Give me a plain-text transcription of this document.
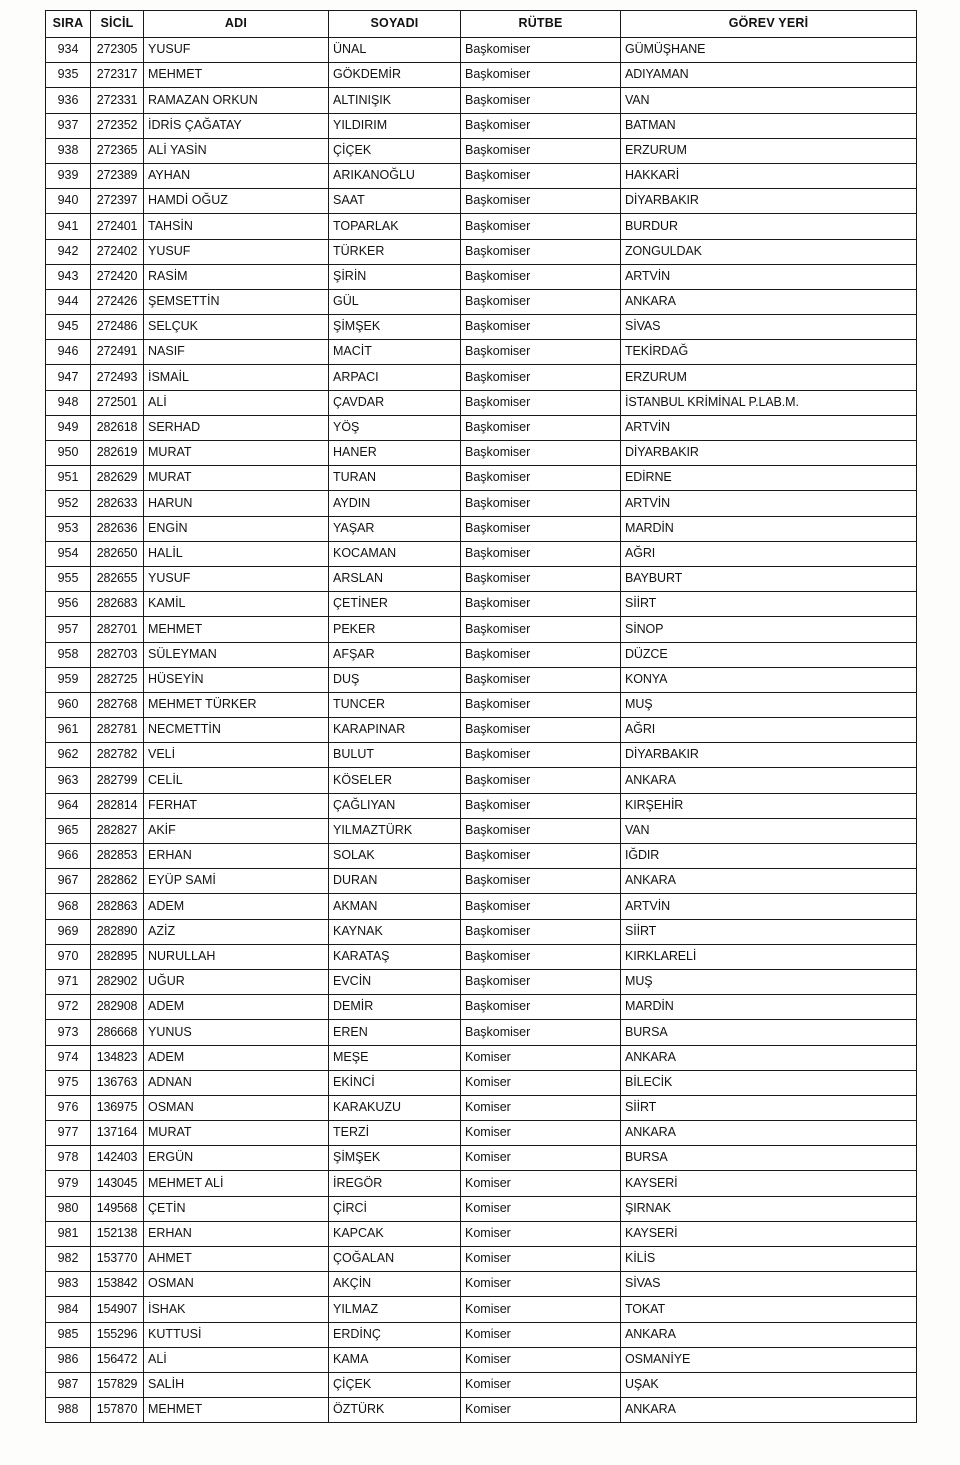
SIRA	SİCİL	ADI	SOYADI	RÜTBE	GÖREV YERİ
934	272305	YUSUF	ÜNAL	Başkomiser	GÜMÜŞHANE
935	272317	MEHMET	GÖKDEMİR	Başkomiser	ADIYAMAN
936	272331	RAMAZAN ORKUN	ALTINIŞIK	Başkomiser	VAN
937	272352	İDRİS ÇAĞATAY	YILDIRIM	Başkomiser	BATMAN
938	272365	ALİ YASİN	ÇİÇEK	Başkomiser	ERZURUM
939	272389	AYHAN	ARIKANOĞLU	Başkomiser	HAKKARİ
940	272397	HAMDİ OĞUZ	SAAT	Başkomiser	DİYARBAKIR
941	272401	TAHSİN	TOPARLAK	Başkomiser	BURDUR
942	272402	YUSUF	TÜRKER	Başkomiser	ZONGULDAK
943	272420	RASİM	ŞİRİN	Başkomiser	ARTVİN
944	272426	ŞEMSETTİN	GÜL	Başkomiser	ANKARA
945	272486	SELÇUK	ŞİMŞEK	Başkomiser	SİVAS
946	272491	NASIF	MACİT	Başkomiser	TEKİRDAĞ
947	272493	İSMAİL	ARPACI	Başkomiser	ERZURUM
948	272501	ALİ	ÇAVDAR	Başkomiser	İSTANBUL KRİMİNAL P.LAB.M.
949	282618	SERHAD	YÖŞ	Başkomiser	ARTVİN
950	282619	MURAT	HANER	Başkomiser	DİYARBAKIR
951	282629	MURAT	TURAN	Başkomiser	EDİRNE
952	282633	HARUN	AYDIN	Başkomiser	ARTVİN
953	282636	ENGİN	YAŞAR	Başkomiser	MARDİN
954	282650	HALİL	KOCAMAN	Başkomiser	AĞRI
955	282655	YUSUF	ARSLAN	Başkomiser	BAYBURT
956	282683	KAMİL	ÇETİNER	Başkomiser	SİİRT
957	282701	MEHMET	PEKER	Başkomiser	SİNOP
958	282703	SÜLEYMAN	AFŞAR	Başkomiser	DÜZCE
959	282725	HÜSEYİN	DUŞ	Başkomiser	KONYA
960	282768	MEHMET TÜRKER	TUNCER	Başkomiser	MUŞ
961	282781	NECMETTİN	KARAPINAR	Başkomiser	AĞRI
962	282782	VELİ	BULUT	Başkomiser	DİYARBAKIR
963	282799	CELİL	KÖSELER	Başkomiser	ANKARA
964	282814	FERHAT	ÇAĞLIYAN	Başkomiser	KIRŞEHİR
965	282827	AKİF	YILMAZTÜRK	Başkomiser	VAN
966	282853	ERHAN	SOLAK	Başkomiser	IĞDIR
967	282862	EYÜP SAMİ	DURAN	Başkomiser	ANKARA
968	282863	ADEM	AKMAN	Başkomiser	ARTVİN
969	282890	AZİZ	KAYNAK	Başkomiser	SİİRT
970	282895	NURULLAH	KARATAŞ	Başkomiser	KIRKLARELİ
971	282902	UĞUR	EVCİN	Başkomiser	MUŞ
972	282908	ADEM	DEMİR	Başkomiser	MARDİN
973	286668	YUNUS	EREN	Başkomiser	BURSA
974	134823	ADEM	MEŞE	Komiser	ANKARA
975	136763	ADNAN	EKİNCİ	Komiser	BİLECİK
976	136975	OSMAN	KARAKUZU	Komiser	SİİRT
977	137164	MURAT	TERZİ	Komiser	ANKARA
978	142403	ERGÜN	ŞİMŞEK	Komiser	BURSA
979	143045	MEHMET ALİ	İREGÖR	Komiser	KAYSERİ
980	149568	ÇETİN	ÇİRCİ	Komiser	ŞIRNAK
981	152138	ERHAN	KAPCAK	Komiser	KAYSERİ
982	153770	AHMET	ÇOĞALAN	Komiser	KİLİS
983	153842	OSMAN	AKÇİN	Komiser	SİVAS
984	154907	İSHAK	YILMAZ	Komiser	TOKAT
985	155296	KUTTUSİ	ERDİNÇ	Komiser	ANKARA
986	156472	ALİ	KAMA	Komiser	OSMANİYE
987	157829	SALİH	ÇİÇEK	Komiser	UŞAK
988	157870	MEHMET	ÖZTÜRK	Komiser	ANKARA
